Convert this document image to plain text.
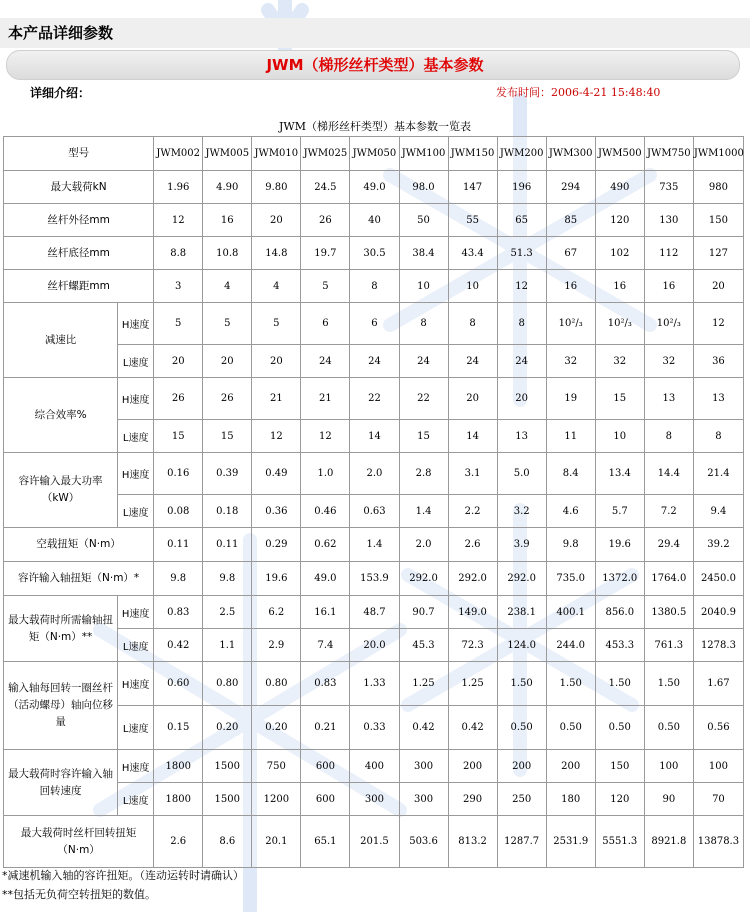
本产品详细参数
JWM（梯形丝杆类型）基本参数
详细介绍：	发布时间：2006-4-21 15:48:40
JWM（梯形丝杆类型）基本参数一览表
型号		JWM002	JWM005	JWM010	JWM025	JWM050	JWM100	JWM150	JWM200	JWM300	JWM500	JWM750	JWM1000
最大载荷kN		1.96	4.90	9.80	24.5	49.0	98.0	147	196	294	490	735	980
丝杆外径mm		12	16	20	26	40	50	55	65	85	120	130	150
丝杆底径mm		8.8	10.8	14.8	19.7	30.5	38.4	43.4	51.3	67	102	112	127
丝杆螺距mm		3	4	4	5	8	10	10	12	16	16	16	20
减速比	H速度	5	5	5	6	6	8	8	8	10²/₃	10²/₃	10²/₃	12
	L速度	20	20	20	24	24	24	24	24	32	32	32	36
综合效率%	H速度	26	26	21	21	22	22	20	20	19	15	13	13
	L速度	15	15	12	12	14	15	14	13	11	10	8	8
容许输入最大功率（kW）	H速度	0.16	0.39	0.49	1.0	2.0	2.8	3.1	5.0	8.4	13.4	14.4	21.4
	L速度	0.08	0.18	0.36	0.46	0.63	1.4	2.2	3.2	4.6	5.7	7.2	9.4
空载扭矩（N·m）		0.11	0.11	0.29	0.62	1.4	2.0	2.6	3.9	9.8	19.6	29.4	39.2
容许输入轴扭矩（N·m）*		9.8	9.8	19.6	49.0	153.9	292.0	292.0	292.0	735.0	1372.0	1764.0	2450.0
最大载荷时所需输轴扭矩（N·m）**	H速度	0.83	2.5	6.2	16.1	48.7	90.7	149.0	238.1	400.1	856.0	1380.5	2040.9
	L速度	0.42	1.1	2.9	7.4	20.0	45.3	72.3	124.0	244.0	453.3	761.3	1278.3
输入轴每回转一圈丝杆（活动螺母）轴向位移量	H速度	0.60	0.80	0.80	0.83	1.33	1.25	1.25	1.50	1.50	1.50	1.50	1.67
	L速度	0.15	0.20	0.20	0.21	0.33	0.42	0.42	0.50	0.50	0.50	0.50	0.56
最大载荷时容许输入轴回转速度	H速度	1800	1500	750	600	400	300	200	200	200	150	100	100
	L速度	1800	1500	1200	600	300	300	290	250	180	120	90	70
最大载荷时丝杆回转扭矩（N·m）		2.6	8.6	20.1	65.1	201.5	503.6	813.2	1287.7	2531.9	5551.3	8921.8	13878.3
*减速机输入轴的容许扭矩。（连动运转时请确认）
**包括无负荷空转扭矩的数值。
